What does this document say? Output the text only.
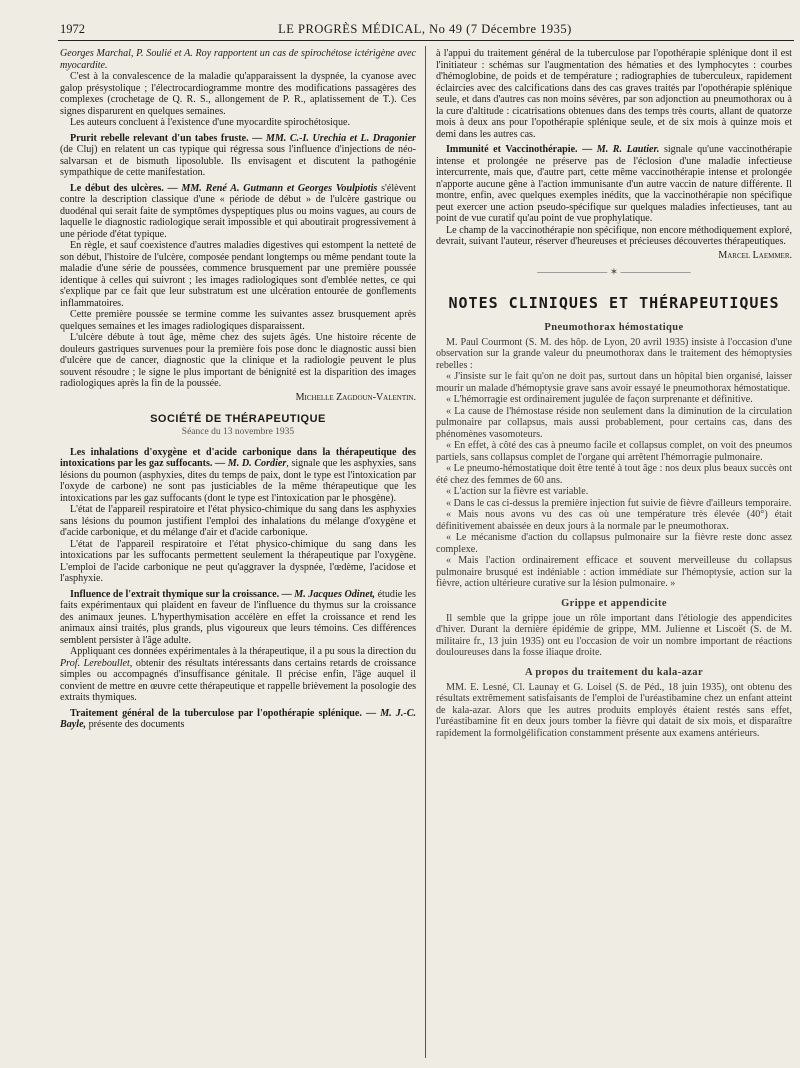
1972	LE PROGRÈS MÉDICAL, No 49 (7 Décembre 1935)

Georges Marchal, P. Soulié et A. Roy rapportent un cas de spirochétose ictérigène avec myocardite.

C'est à la convalescence de la maladie qu'apparaissent la dyspnée, la cyanose avec galop présystolique ; l'électrocardiogramme montre des modifications passagères des complexes (crochetage de Q. R. S., allongement de P. R., aplatissement de T.). Ces signes disparurent en quelques semaines.

Les auteurs concluent à l'existence d'une myocardite spirochétosique.

Prurit rebelle relevant d'un tabes fruste. — MM. C.-I. Urechia et L. Dragonier (de Cluj) en relatent un cas typique qui régressa sous l'influence d'injections de néo-salvarsan et de bismuth liposoluble. Ils envisagent et discutent la pathogénie sympathique de cette manifestation.

Le début des ulcères. — MM. René A. Gutmann et Georges Voulpiotis s'élèvent contre la description classique d'une « période de début » de l'ulcère gastrique ou duodénal qui serait faite de symptômes dyspeptiques plus ou moins vagues, au cours de laquelle le diagnostic radiologique serait impossible et qui aboutirait progressivement à une période d'état typique.

En règle, et sauf coexistence d'autres maladies digestives qui estompent la netteté de son début, l'histoire de l'ulcère, composée pendant longtemps ou même pendant toute la maladie d'une série de poussées, commence brusquement par une première poussée identique à celles qui suivront ; les images radiologiques sont d'emblée nettes, ce qui s'explique par ce fait que leur substratum est une ulcération entourée de gonflements inflammatoires.

Cette première poussée se termine comme les suivantes assez brusquement après quelques semaines et les images radiologiques disparaissent.

L'ulcère débute à tout âge, même chez des sujets âgés. Une histoire récente de douleurs gastriques survenues pour la première fois pose donc le diagnostic aussi bien d'ulcère que de cancer, diagnostic que la clinique et la radiologie peuvent le plus souvent résoudre ; le signe le plus important de bénignité est la disparition des images radiologiques après la fin de la poussée.

Michelle Zagdoun-Valentin.
SOCIÉTÉ DE THÉRAPEUTIQUE
Séance du 13 novembre 1935

Les inhalations d'oxygène et d'acide carbonique dans la thérapeutique des intoxications par les gaz suffocants. — M. D. Cordier, signale que les asphyxies, sans lésions du poumon (asphyxies, dites du temps de paix, dont le type est l'intoxication par l'oxyde de carbone) ne sont pas justiciables de la même thérapeutique que les intoxications par les gaz suffocants (dont le type est l'intoxication par le phosgène).

L'état de l'appareil respiratoire et l'état physico-chimique du sang dans les asphyxies sans lésions du poumon justifient l'emploi des inhalations du mélange d'oxygène et d'acide carbonique, et du mélange d'air et d'acide carbonique.

L'état de l'appareil respiratoire et l'état physico-chimique du sang dans les intoxications par les suffocants permettent seulement la thérapeutique par l'oxygène. L'emploi de l'acide carbonique ne peut qu'aggraver la dyspnée, l'œdème, l'acidose et l'asphyxie.

Influence de l'extrait thymique sur la croissance. — M. Jacques Odinet, étudie les faits expérimentaux qui plaident en faveur de l'influence du thymus sur la croissance des animaux jeunes. L'hyperthymisation accélère en effet la croissance et rend les animaux ainsi traités, plus grands, plus vigoureux que leurs témoins. Ces différences semblent persister à l'âge adulte.

Appliquant ces données expérimentales à la thérapeutique, il a pu sous la direction du Prof. Lereboullet, obtenir des résultats intéressants dans certains retards de croissance simples ou accompagnés d'insuffisance génitale. Il précise enfin, l'âge auquel il convient de mettre en œuvre cette thérapeutique et rappelle brièvement la posologie des extraits thymiques.

Traitement général de la tuberculose par l'opothérapie splénique. — M. J.-C. Bayle, présente des documents

à l'appui du traitement général de la tuberculose par l'opothérapie splénique dont il est l'initiateur : schémas sur l'augmentation des hématies et des lymphocytes : courbes d'hémoglobine, de poids et de température ; radiographies de tuberculeux, rapidement éclaircies avec des calcifications dans des cas graves traités par l'opothérapie splénique seule, et dans d'autres cas non moins sévères, par son adjonction au pneumothorax ou à la cure d'altitude : cicatrisations obtenues dans des temps très courts, allant de quatorze mois à deux ans pour l'opothérapie splénique seule, et de six mois à quinze mois et demi dans les autres cas.

Immunité et Vaccinothérapie. — M. R. Lautier. signale qu'une vaccinothérapie intense et prolongée ne préserve pas de l'éclosion d'une maladie infectieuse intercurrente, mais que, d'autre part, cette même vaccinothérapie intense et prolongée n'apporte aucune gêne à l'action immunisante d'un autre vaccin de nature différente. Il montre, enfin, avec quelques exemples inédits, que la vaccinothérapie non spécifique peut exercer une action pseudo-spécifique sur quelques maladies infectieuses, tant au point de vue curatif qu'au point de vue prophylatique.

Le champ de la vaccinothérapie non spécifique, non encore méthodiquement exploré, devrait, suivant l'auteur, réserver d'heureuses et précieuses découvertes thérapeutiques.

Marcel Laemmer.
——————— ✶ ———————
NOTES CLINIQUES ET THÉRAPEUTIQUES
Pneumothorax hémostatique

M. Paul Courmont (S. M. des hôp. de Lyon, 20 avril 1935) insiste à l'occasion d'une observation sur la grande valeur du pneumothorax dans le traitement des hémoptysies rebelles :

« J'insiste sur le fait qu'on ne doit pas, surtout dans un hôpital bien organisé, laisser mourir un malade d'hémoptysie grave sans avoir essayé le pneumothorax hémostatique.

« L'hémorragie est ordinairement jugulée de façon surprenante et définitive.

« La cause de l'hémostase réside non seulement dans la diminution de la circulation pulmonaire par collapsus, mais aussi probablement, pour certains cas, dans des phénomènes vasomoteurs.

« En effet, à côté des cas à pneumo facile et collapsus complet, on voit des pneumos partiels, sans collapsus complet de l'organe qui arrêtent l'hémorragie pulmonaire.

« Le pneumo-hémostatique doit être tenté à tout âge : nos deux plus beaux succès ont été chez des femmes de 60 ans.

« L'action sur la fièvre est variable.

« Dans le cas ci-dessus la première injection fut suivie de fièvre d'ailleurs temporaire.

« Mais nous avons vu des cas où une température très élevée (40°) était définitivement abaissée en deux jours à la normale par le pneumothorax.

« Le mécanisme d'action du collapsus pulmonaire sur la fièvre reste donc assez complexe.

« Mais l'action ordinairement efficace et souvent merveilleuse du collapsus pulmonaire brusqué est indéniable : action immédiate sur l'hémoptysie, action sur la fièvre, action ultérieure curative sur la lésion pulmonaire. »

Grippe et appendicite

Il semble que la grippe joue un rôle important dans l'étiologie des appendicites d'hiver. Durant la dernière épidémie de grippe, MM. Julienne et Liscoët (S. de M. militaire fr., 13 juin 1935) ont eu l'occasion de voir un nombre important de réactions douloureuses dans la fosse iliaque droite.

A propos du traitement du kala-azar

MM. E. Lesné, Cl. Launay et G. Loisel (S. de Péd., 18 juin 1935), ont obtenu des résultats extrêmement satisfaisants de l'emploi de l'uréastibamine chez un enfant atteint de kala-azar. Alors que les autres produits employés étaient restés sans effet, l'uréastibamine fit en deux jours tomber la fièvre qui datait de six mois, et disparaître rapidement la formolgélification constamment présente aux examens antérieurs.
